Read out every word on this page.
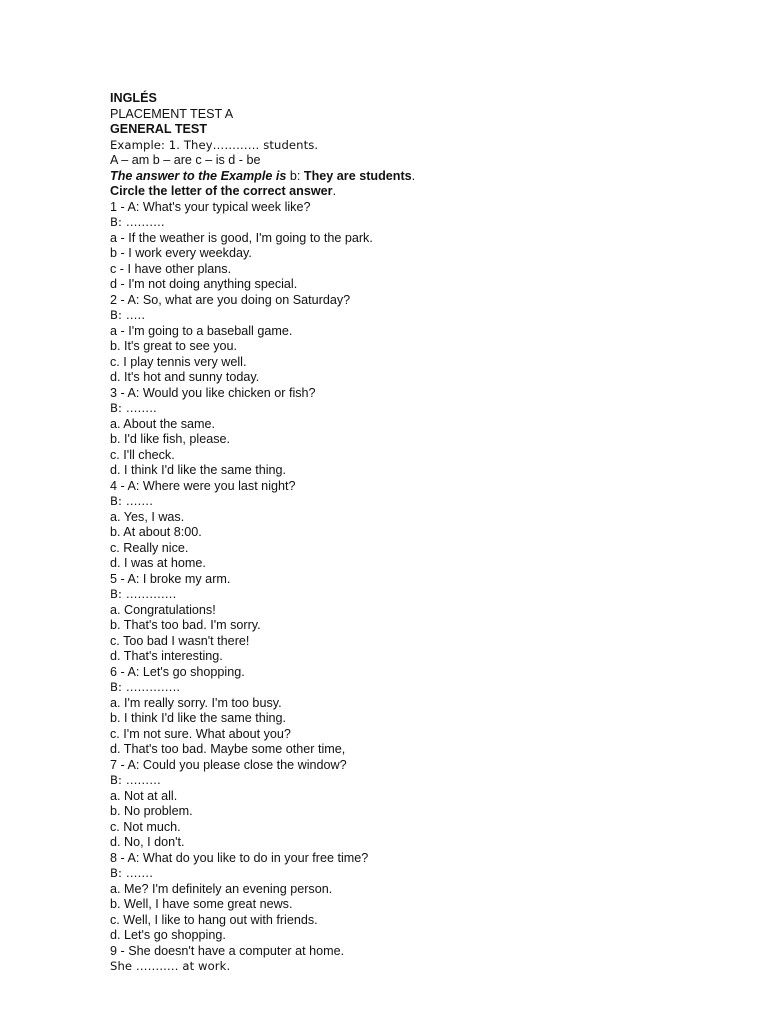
INGLÉS
PLACEMENT TEST A
GENERAL TEST
Example: 1. They………… students.
A – am b – are c – is d - be
The answer to the Example is b: They are students.
Circle the letter of the correct answer.
1 - A: What's your typical week like?
B: ……….
a - If the weather is good, I'm going to the park.
b - I work every weekday.
c - I have other plans.
d - I'm not doing anything special.
2 - A: So, what are you doing on Saturday?
B: …..
a - I'm going to a baseball game.
b. It's great to see you.
c. I play tennis very well.
d. It's hot and sunny today.
3 - A: Would you like chicken or fish?
B: ……..
a. About the same.
b. I'd like fish, please.
c. I'll check.
d. I think I'd like the same thing.
4 - A: Where were you last night?
B: …….
a. Yes, I was.
b. At about 8:00.
c. Really nice.
d. I was at home.
5 - A: I broke my arm.
B: ………….
a. Congratulations!
b. That's too bad. I'm sorry.
c. Too bad I wasn't there!
d. That's interesting.
6 - A: Let's go shopping.
B: …………..
a. I'm really sorry. I'm too busy.
b. I think I'd like the same thing.
c. I'm not sure. What about you?
d. That's too bad. Maybe some other time,
7 - A: Could you please close the window?
B: ………
a. Not at all.
b. No problem.
c. Not much.
d. No, I don't.
8 - A: What do you like to do in your free time?
B: …….
a. Me? I'm definitely an evening person.
b. Well, I have some great news.
c. Well, I like to hang out with friends.
d. Let's go shopping.
9 - She doesn't have a computer at home.
She ……..… at work.
